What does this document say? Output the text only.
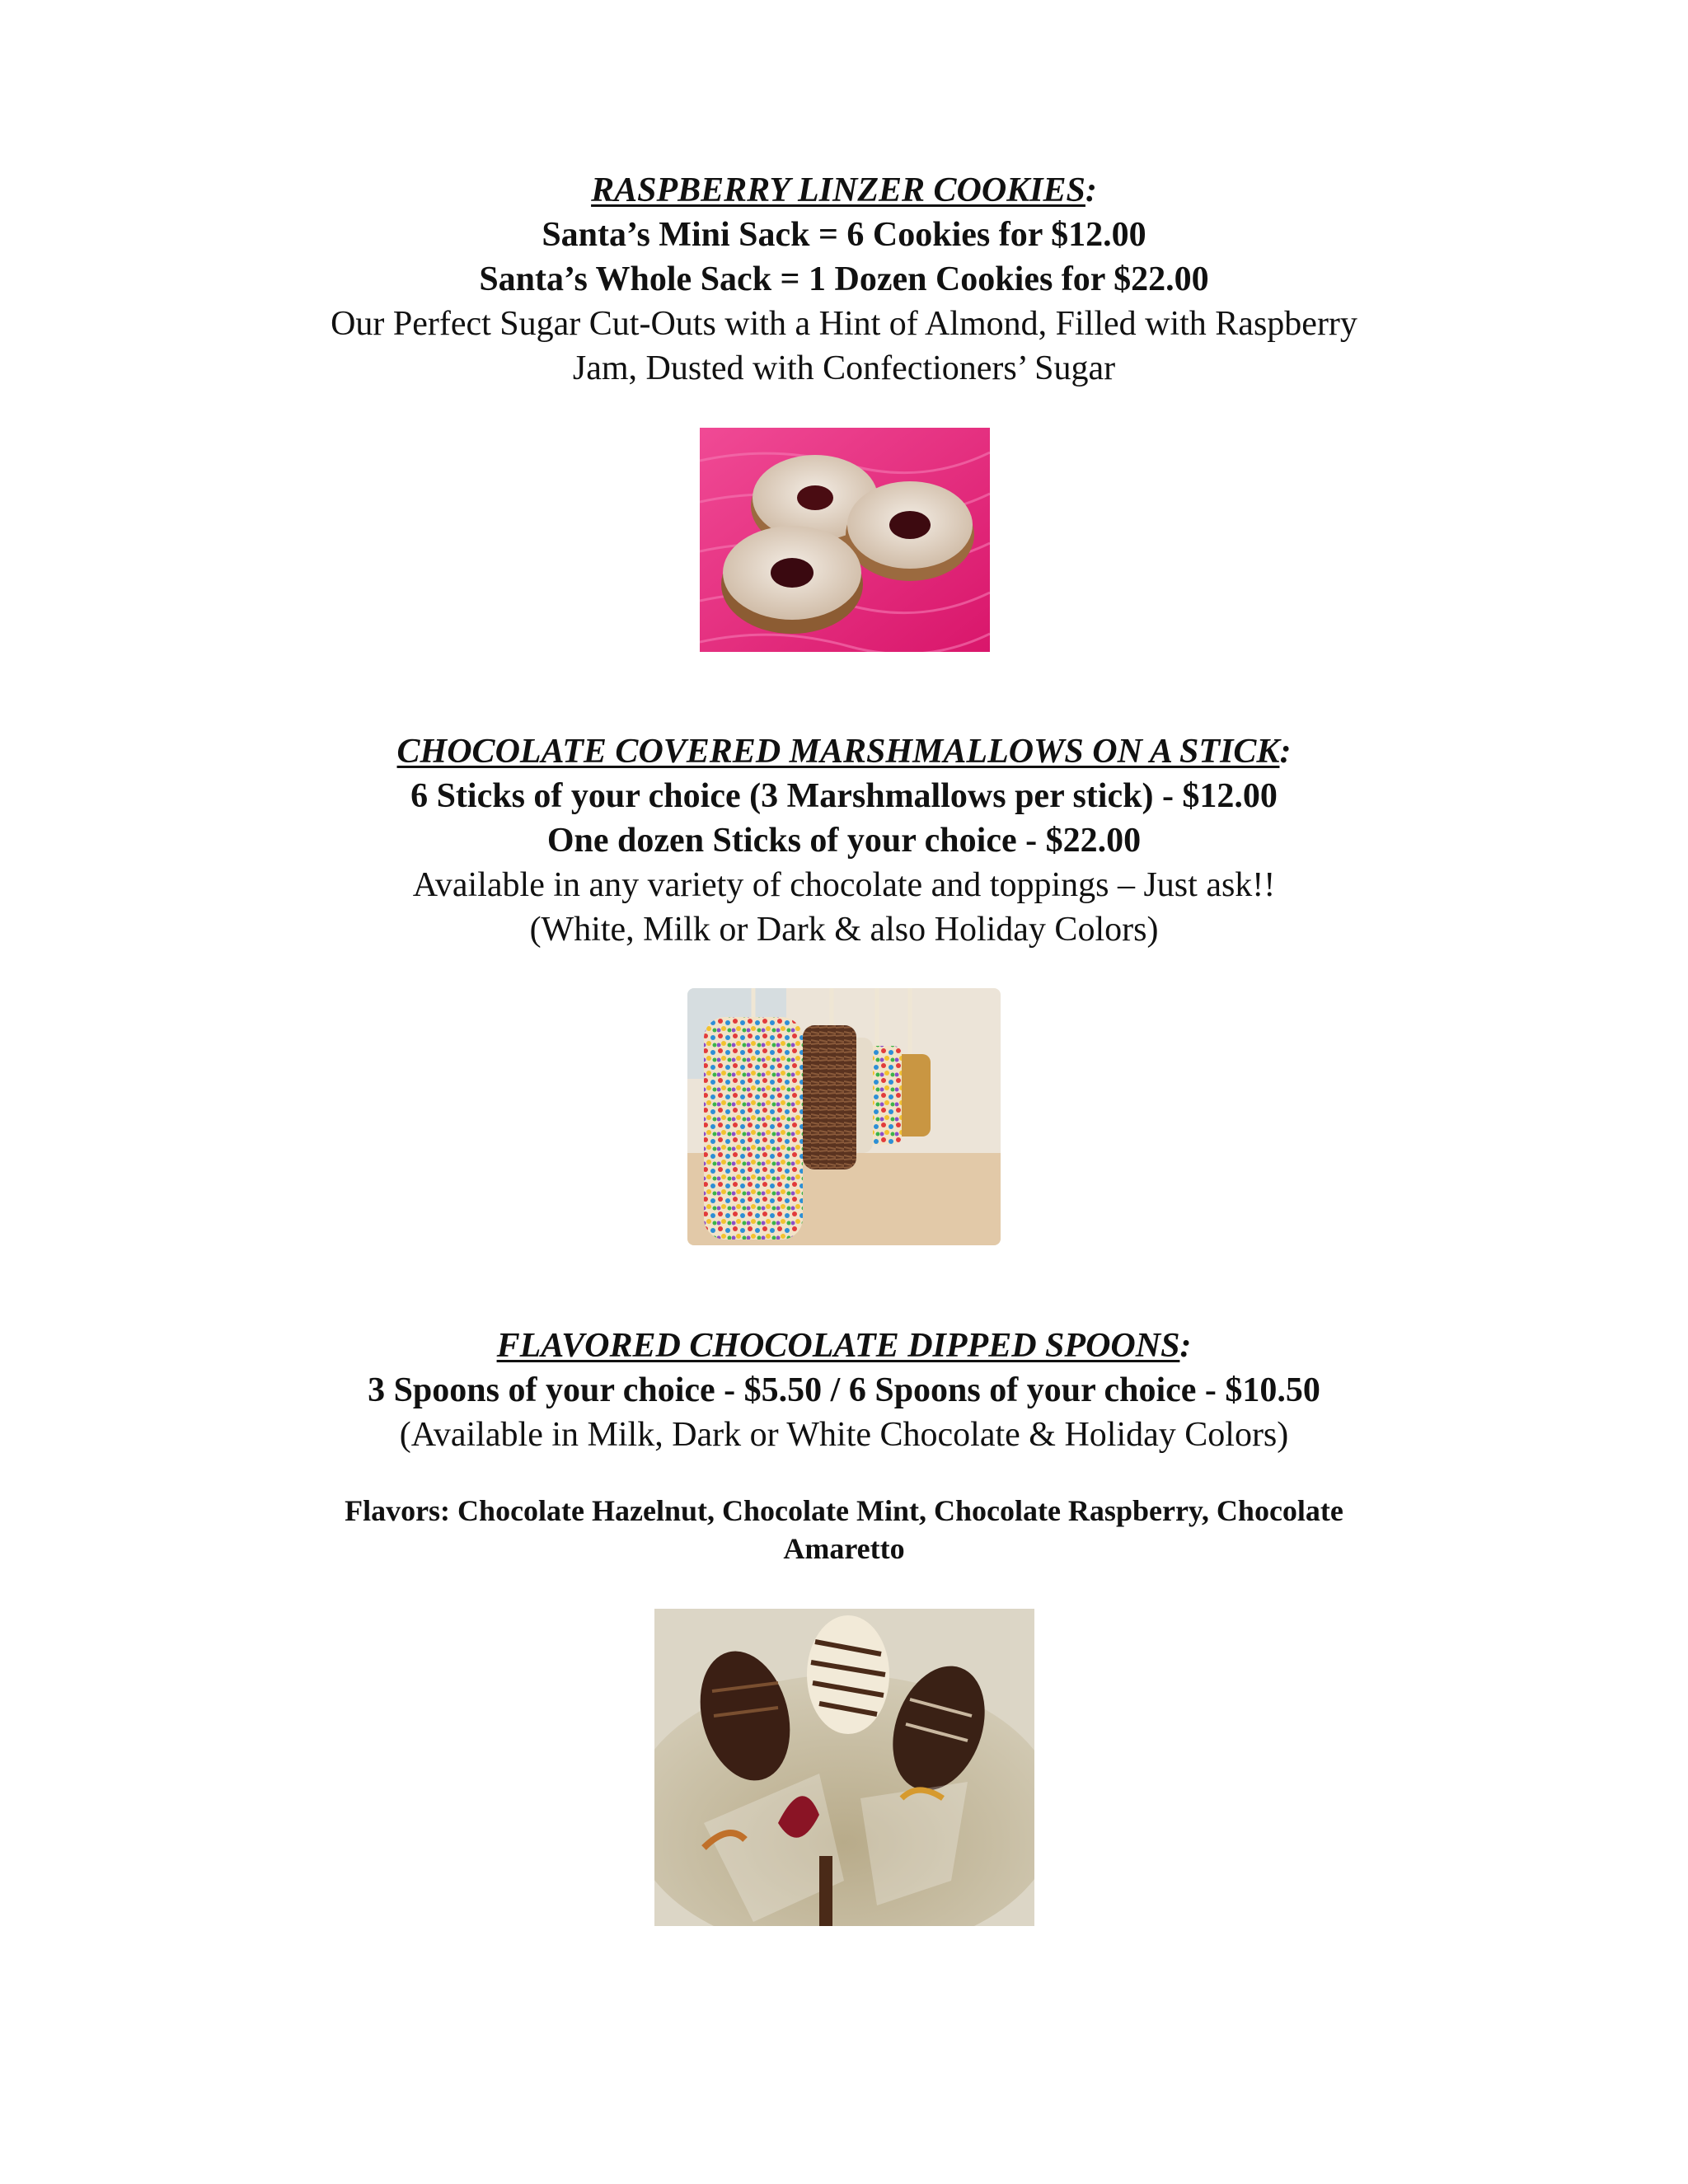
RASPBERRY LINZER COOKIES:
Santa’s Mini Sack = 6 Cookies for $12.00
Santa’s Whole Sack = 1 Dozen Cookies for $22.00
Our Perfect Sugar Cut-Outs with a Hint of Almond, Filled with Raspberry
Jam, Dusted with Confectioners’ Sugar
CHOCOLATE COVERED MARSHMALLOWS ON A STICK:
6 Sticks of your choice (3 Marshmallows per stick) - $12.00
One dozen Sticks of your choice - $22.00
Available in any variety of chocolate and toppings – Just ask!!
(White, Milk or Dark & also Holiday Colors)
FLAVORED CHOCOLATE DIPPED SPOONS:
3 Spoons of your choice - $5.50 / 6 Spoons of your choice - $10.50
(Available in Milk, Dark or White Chocolate & Holiday Colors)
Flavors: Chocolate Hazelnut, Chocolate Mint, Chocolate Raspberry, Chocolate
Amaretto
